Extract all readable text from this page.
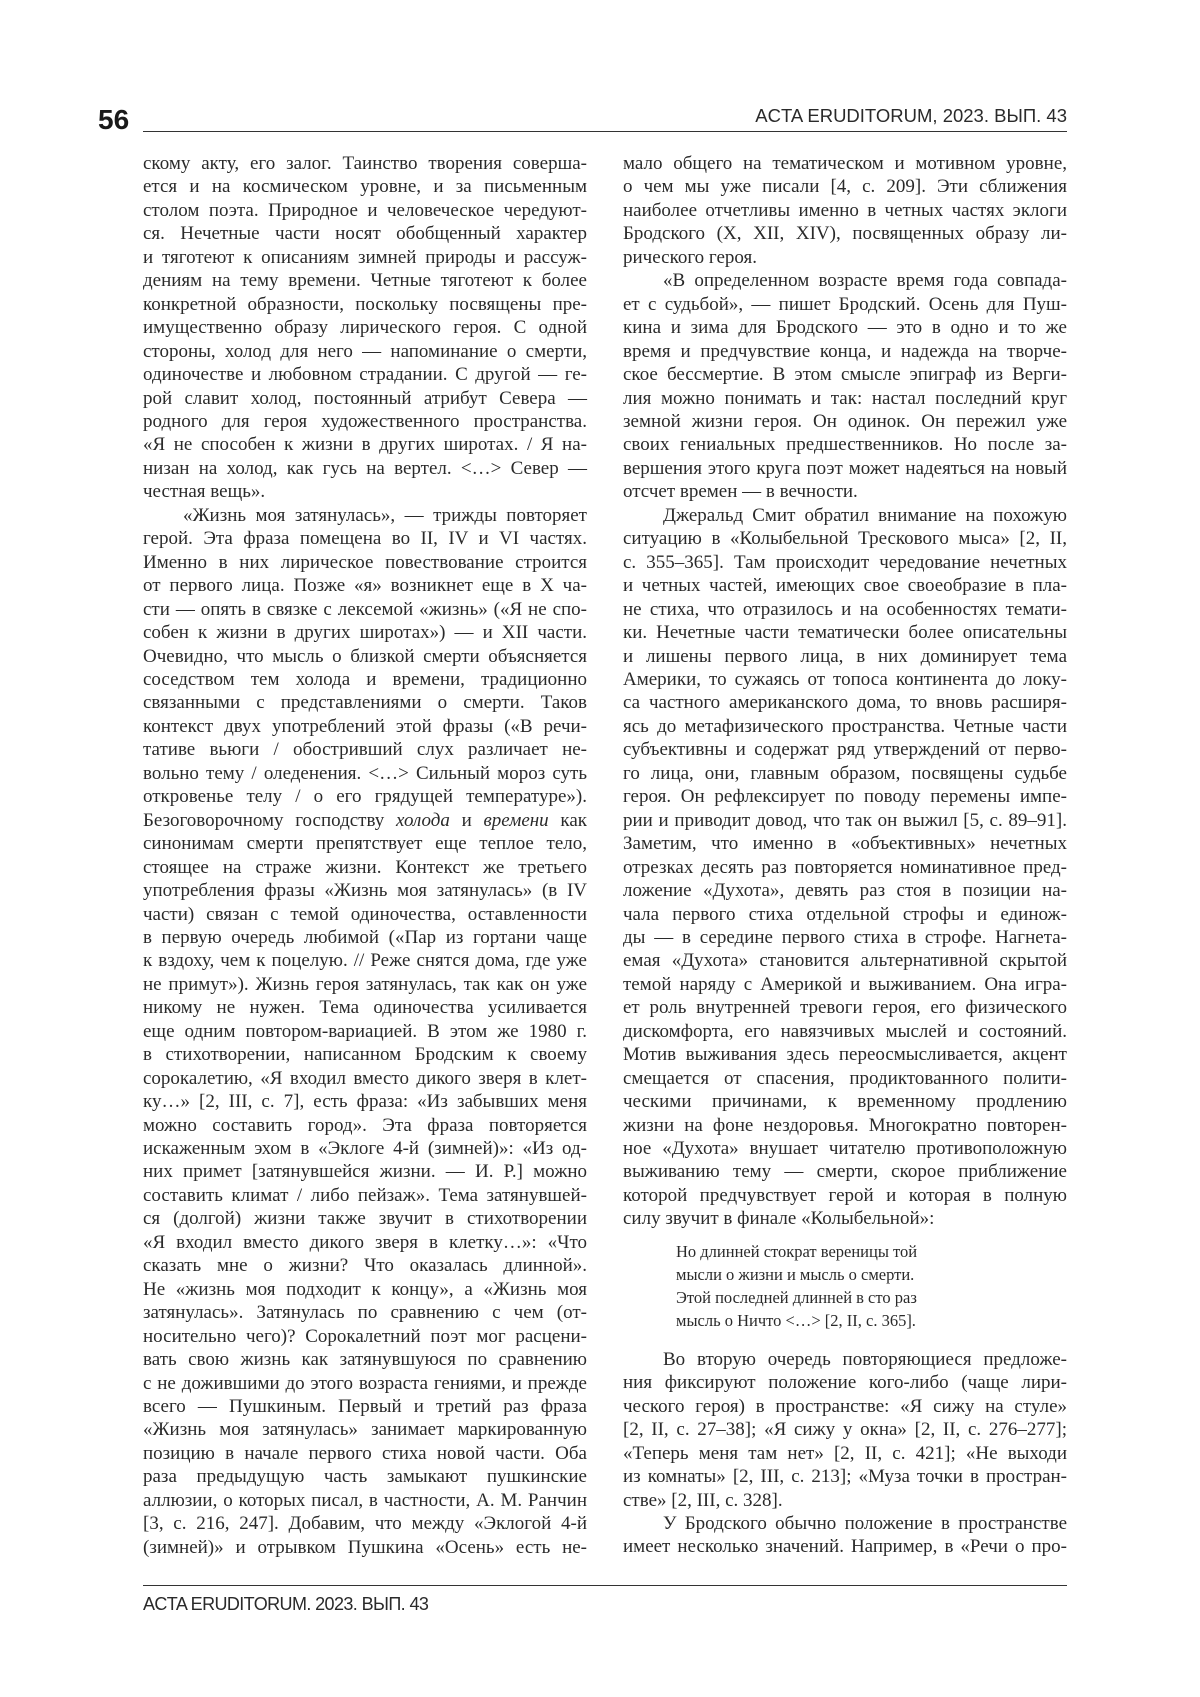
56	ACTA ERUDITORUM, 2023. ВЫП. 43
скому акту, его залог. Таинство творения соверша-
ется и на космическом уровне, и за письменным
столом поэта. Природное и человеческое чередуют-
ся. Нечетные части носят обобщенный характер
и тяготеют к описаниям зимней природы и рассуж-
дениям на тему времени. Четные тяготеют к более
конкретной образности, поскольку посвящены пре-
имущественно образу лирического героя. С одной
стороны, холод для него — напоминание о смерти,
одиночестве и любовном страдании. С другой — ге-
рой славит холод, постоянный атрибут Севера —
родного для героя художественного пространства.
«Я не способен к жизни в других широтах. / Я на-
низан на холод, как гусь на вертел. <…> Север —
честная вещь».
«Жизнь моя затянулась», — трижды повторяет
герой. Эта фраза помещена во II, IV и VI частях.
Именно в них лирическое повествование строится
от первого лица. Позже «я» возникнет еще в X ча-
сти — опять в связке с лексемой «жизнь» («Я не спо-
собен к жизни в других широтах») — и XII части.
Очевидно, что мысль о близкой смерти объясняется
соседством тем холода и времени, традиционно
связанными с представлениями о смерти. Таков
контекст двух употреблений этой фразы («В речи-
тативе вьюги / обостривший слух различает не-
вольно тему / оледенения. <…> Сильный мороз суть
откровенье телу / о его грядущей температуре»).
Безоговорочному господству холода и времени как
синонимам смерти препятствует еще теплое тело,
стоящее на страже жизни. Контекст же третьего
употребления фразы «Жизнь моя затянулась» (в IV
части) связан с темой одиночества, оставленности
в первую очередь любимой («Пар из гортани чаще
к вздоху, чем к поцелую. // Реже снятся дома, где уже
не примут»). Жизнь героя затянулась, так как он уже
никому не нужен. Тема одиночества усиливается
еще одним повтором-вариацией. В этом же 1980 г.
в стихотворении, написанном Бродским к своему
сорокалетию, «Я входил вместо дикого зверя в клет-
ку…» [2, III, с. 7], есть фраза: «Из забывших меня
можно составить город». Эта фраза повторяется
искаженным эхом в «Эклоге 4-й (зимней)»: «Из од-
них примет [затянувшейся жизни. — И. Р.] можно
составить климат / либо пейзаж». Тема затянувшей-
ся (долгой) жизни также звучит в стихотворении
«Я входил вместо дикого зверя в клетку…»: «Что
сказать мне о жизни? Что оказалась длинной».
Не «жизнь моя подходит к концу», а «Жизнь моя
затянулась». Затянулась по сравнению с чем (от-
носительно чего)? Сорокалетний поэт мог расцени-
вать свою жизнь как затянувшуюся по сравнению
с не дожившими до этого возраста гениями, и прежде
всего — Пушкиным. Первый и третий раз фраза
«Жизнь моя затянулась» занимает маркированную
позицию в начале первого стиха новой части. Оба
раза предыдущую часть замыкают пушкинские
аллюзии, о которых писал, в частности, А. М. Ранчин
[3, с. 216, 247]. Добавим, что между «Эклогой 4-й
(зимней)» и отрывком Пушкина «Осень» есть не-
мало общего на тематическом и мотивном уровне,
о чем мы уже писали [4, с. 209]. Эти сближения
наиболее отчетливы именно в четных частях эклоги
Бродского (X, XII, XIV), посвященных образу ли-
рического героя.
«В определенном возрасте время года совпада-
ет с судьбой», — пишет Бродский. Осень для Пуш-
кина и зима для Бродского — это в одно и то же
время и предчувствие конца, и надежда на творче-
ское бессмертие. В этом смысле эпиграф из Верги-
лия можно понимать и так: настал последний круг
земной жизни героя. Он одинок. Он пережил уже
своих гениальных предшественников. Но после за-
вершения этого круга поэт может надеяться на новый
отсчет времен — в вечности.
Джеральд Смит обратил внимание на похожую
ситуацию в «Колыбельной Трескового мыса» [2, II,
с. 355–365]. Там происходит чередование нечетных
и четных частей, имеющих свое своеобразие в пла-
не стиха, что отразилось и на особенностях темати-
ки. Нечетные части тематически более описательны
и лишены первого лица, в них доминирует тема
Америки, то сужаясь от топоса континента до локу-
са частного американского дома, то вновь расширя-
ясь до метафизического пространства. Четные части
субъективны и содержат ряд утверждений от перво-
го лица, они, главным образом, посвящены судьбе
героя. Он рефлексирует по поводу перемены импе-
рии и приводит довод, что так он выжил [5, с. 89–91].
Заметим, что именно в «объективных» нечетных
отрезках десять раз повторяется номинативное пред-
ложение «Духота», девять раз стоя в позиции на-
чала первого стиха отдельной строфы и единож-
ды — в середине первого стиха в строфе. Нагнета-
емая «Духота» становится альтернативной скрытой
темой наряду с Америкой и выживанием. Она игра-
ет роль внутренней тревоги героя, его физического
дискомфорта, его навязчивых мыслей и состояний.
Мотив выживания здесь переосмысливается, акцент
смещается от спасения, продиктованного полити-
ческими причинами, к временному продлению
жизни на фоне нездоровья. Многократно повторен-
ное «Духота» внушает читателю противоположную
выживанию тему — смерти, скорое приближение
которой предчувствует герой и которая в полную
силу звучит в финале «Колыбельной»:
Но длинней стократ вереницы той
мысли о жизни и мысль о смерти.
Этой последней длинней в сто раз
мысль о Ничто <…> [2, II, с. 365].
Во вторую очередь повторяющиеся предложе-
ния фиксируют положение кого-либо (чаще лири-
ческого героя) в пространстве: «Я сижу на стуле»
[2, II, с. 27–38]; «Я сижу у окна» [2, II, с. 276–277];
«Теперь меня там нет» [2, II, с. 421]; «Не выходи
из комнаты» [2, III, с. 213]; «Муза точки в простран-
стве» [2, III, с. 328].
У Бродского обычно положение в пространстве
имеет несколько значений. Например, в «Речи о про-
ACTA ERUDITORUM. 2023. ВЫП. 43
